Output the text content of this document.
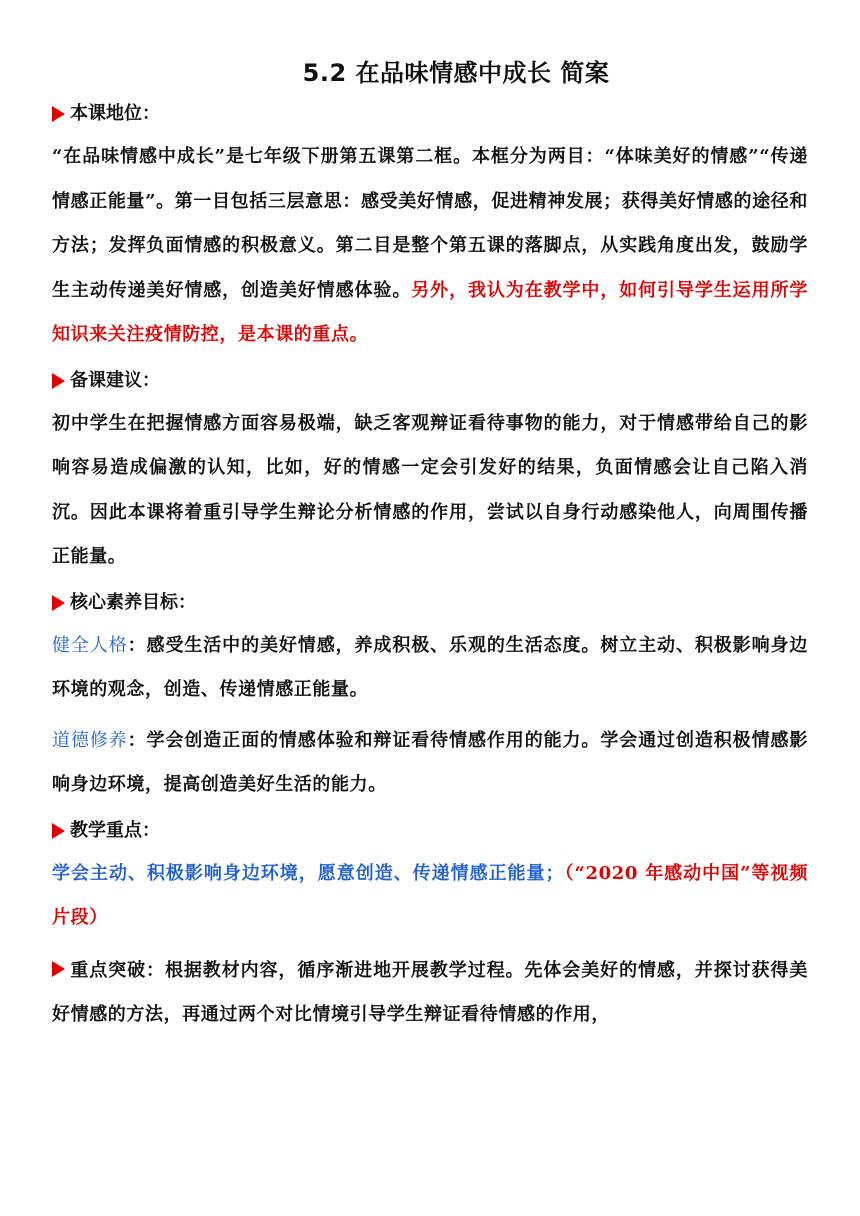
5.2 在品味情感中成长 简案
本课地位：

“在品味情感中成长”是七年级下册第五课第二框。本框分为两目：“体味美好的情感”“传递情感正能量”。第一目包括三层意思：感受美好情感，促进精神发展；获得美好情感的途径和方法；发挥负面情感的积极意义。第二目是整个第五课的落脚点，从实践角度出发，鼓励学生主动传递美好情感，创造美好情感体验。另外，我认为在教学中，如何引导学生运用所学知识来关注疫情防控，是本课的重点。

备课建议：

初中学生在把握情感方面容易极端，缺乏客观辩证看待事物的能力，对于情感带给自己的影响容易造成偏激的认知，比如，好的情感一定会引发好的结果，负面情感会让自己陷入消沉。因此本课将着重引导学生辩论分析情感的作用，尝试以自身行动感染他人，向周围传播正能量。

核心素养目标：

健全人格：感受生活中的美好情感，养成积极、乐观的生活态度。树立主动、积极影响身边环境的观念，创造、传递情感正能量。

道德修养：学会创造正面的情感体验和辩证看待情感作用的能力。学会通过创造积极情感影响身边环境，提高创造美好生活的能力。

教学重点：

学会主动、积极影响身边环境，愿意创造、传递情感正能量；（“2020 年感动中国”等视频片段）

重点突破：根据教材内容，循序渐进地开展教学过程。先体会美好的情感，并探讨获得美好情感的方法，再通过两个对比情境引导学生辩证看待情感的作用，
